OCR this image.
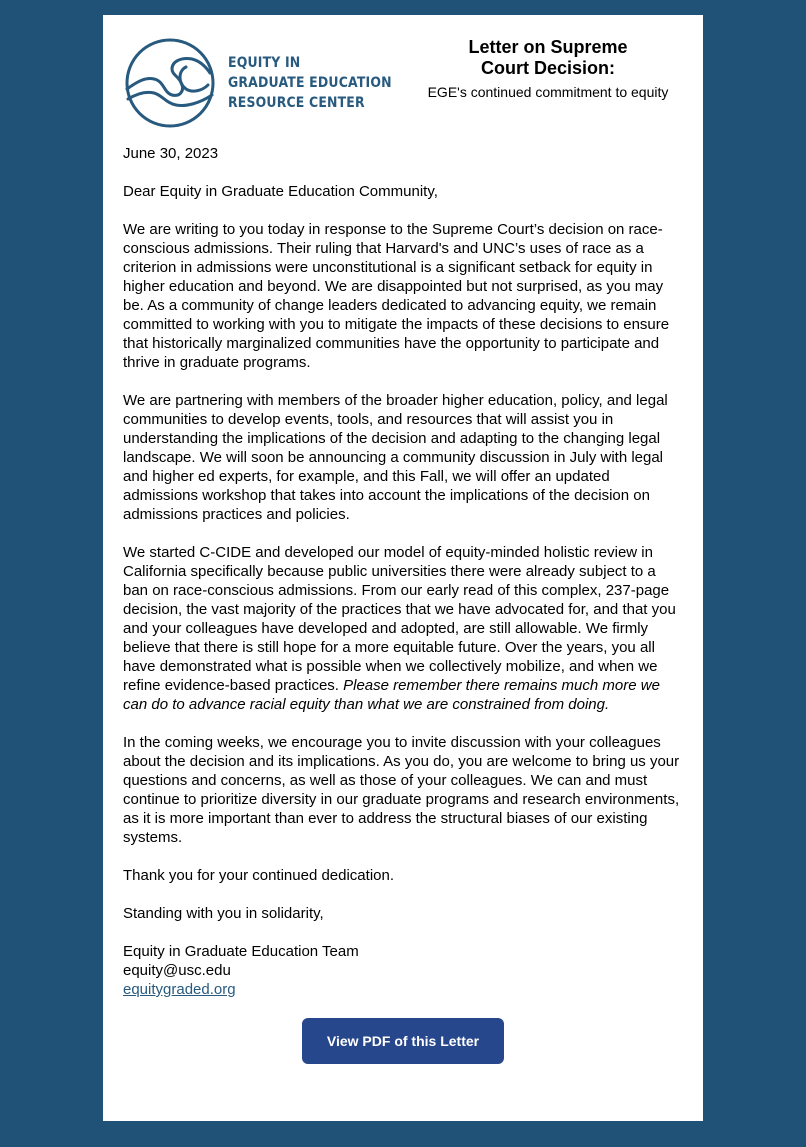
EQUITY IN
GRADUATE EDUCATION
RESOURCE CENTER
Letter on Supreme
Court Decision:
EGE's continued commitment to equity

June 30, 2023

Dear Equity in Graduate Education Community,

We are writing to you today in response to the Supreme Court’s decision on race-conscious admissions. Their ruling that Harvard's and UNC’s uses of race as a criterion in admissions were unconstitutional is a significant setback for equity in higher education and beyond. We are disappointed but not surprised, as you may be. As a community of change leaders dedicated to advancing equity, we remain committed to working with you to mitigate the impacts of these decisions to ensure that historically marginalized communities have the opportunity to participate and thrive in graduate programs.

We are partnering with members of the broader higher education, policy, and legal communities to develop events, tools, and resources that will assist you in understanding the implications of the decision and adapting to the changing legal landscape. We will soon be announcing a community discussion in July with legal and higher ed experts, for example, and this Fall, we will offer an updated admissions workshop that takes into account the implications of the decision on admissions practices and policies.

We started C-CIDE and developed our model of equity-minded holistic review in California specifically because public universities there were already subject to a ban on race-conscious admissions. From our early read of this complex, 237-page decision, the vast majority of the practices that we have advocated for, and that you and your colleagues have developed and adopted, are still allowable. We firmly believe that there is still hope for a more equitable future. Over the years, you all have demonstrated what is possible when we collectively mobilize, and when we refine evidence-based practices. Please remember there remains much more we can do to advance racial equity than what we are constrained from doing.

In the coming weeks, we encourage you to invite discussion with your colleagues about the decision and its implications. As you do, you are welcome to bring us your questions and concerns, as well as those of your colleagues. We can and must continue to prioritize diversity in our graduate programs and research environments, as it is more important than ever to address the structural biases of our existing systems.

Thank you for your continued dedication.

Standing with you in solidarity,

Equity in Graduate Education Team

equity@usc.edu

equitygraded.org

View PDF of this Letter
